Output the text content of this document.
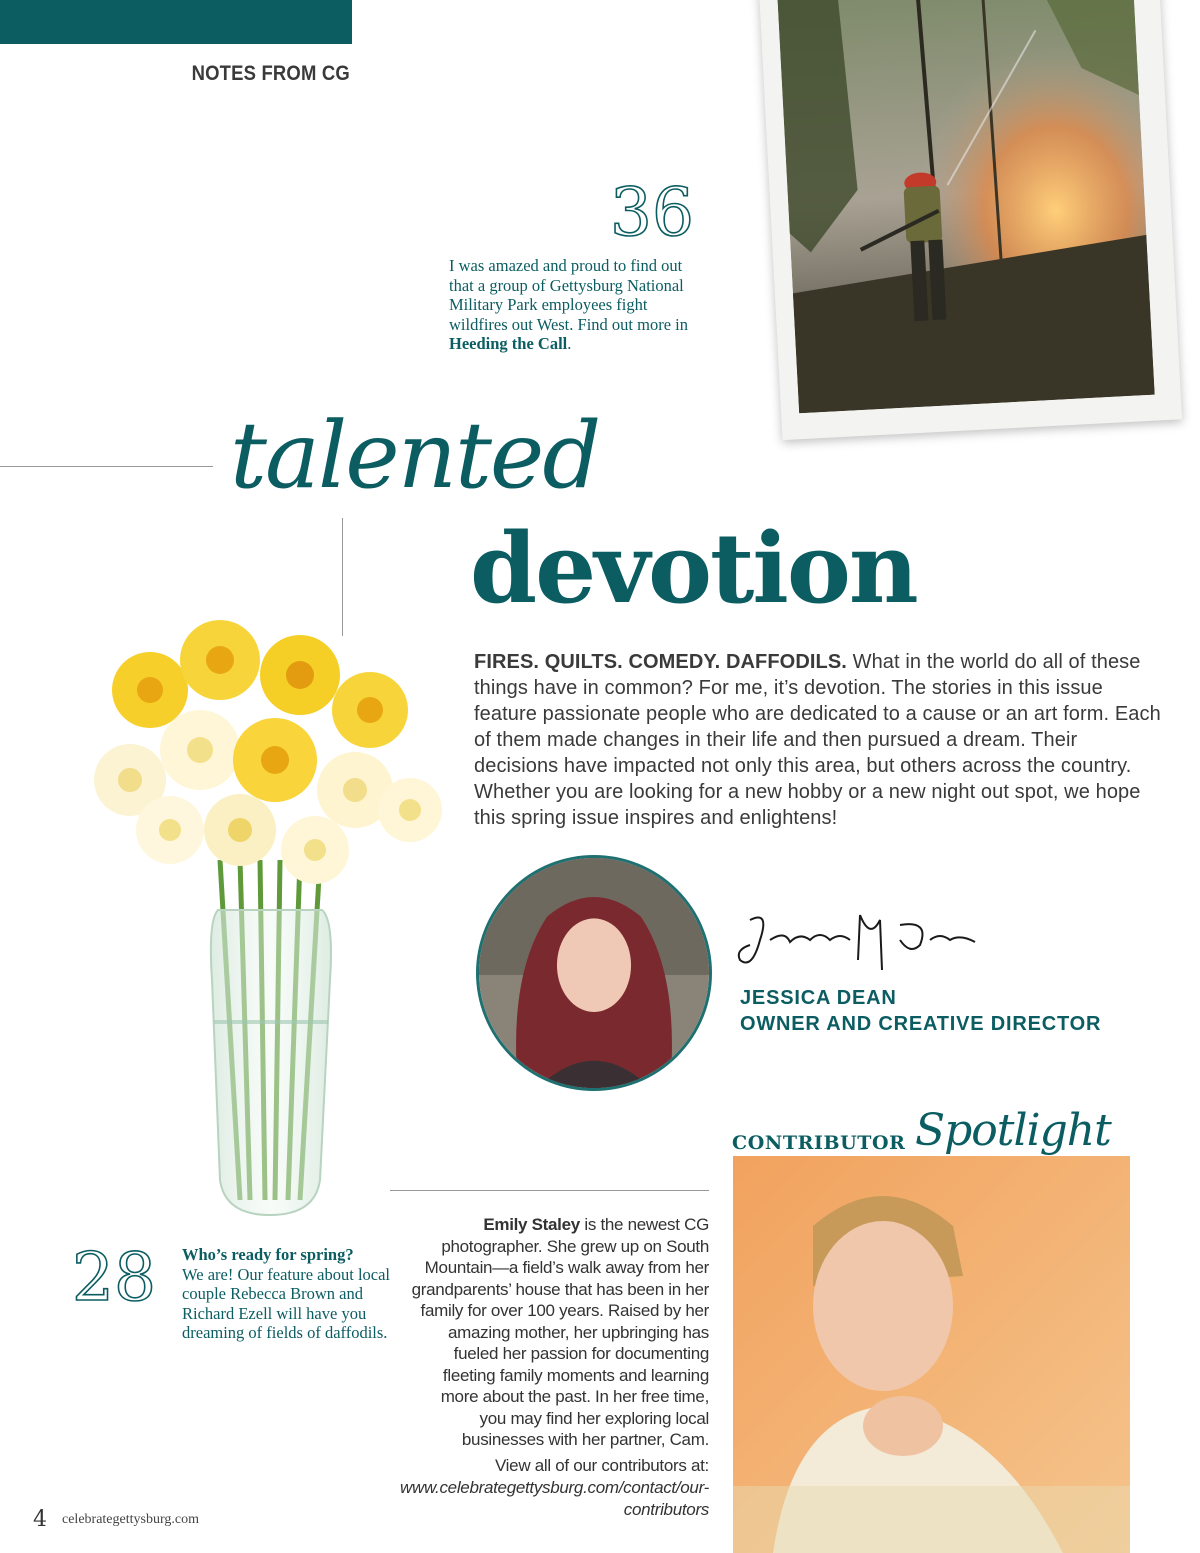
NOTES FROM CG
36
I was amazed and proud to find out that a group of Gettysburg National Military Park employees fight wildfires out West. Find out more in Heeding the Call.
talented
devotion
FIRES. QUILTS. COMEDY. DAFFODILS. What in the world do all of these things have in common? For me, it’s devotion. The stories in this issue feature passionate people who are dedicated to a cause or an art form. Each of them made changes in their life and then pursued a dream. Their decisions have impacted not only this area, but others across the country. Whether you are looking for a new hobby or a new night out spot, we hope this spring issue inspires and enlightens!
Jessica M Dean JESSICA DEAN
OWNER AND CREATIVE DIRECTOR
CONTRIBUTOR Spotlight
Emily Staley is the newest CG photographer. She grew up on South Mountain—a field’s walk away from her grandparents’ house that has been in her family for over 100 years. Raised by her amazing mother, her upbringing has fueled her passion for documenting fleeting family moments and learning more about the past. In her free time, you may find her exploring local businesses with her partner, Cam.
View all of our contributors at:
www.celebrategettysburg.com/contact/our-contributors
28 Who’s ready for spring?
We are! Our feature about local couple Rebecca Brown and Richard Ezell will have you dreaming of fields of daffodils.
4 celebrategettysburg.com
